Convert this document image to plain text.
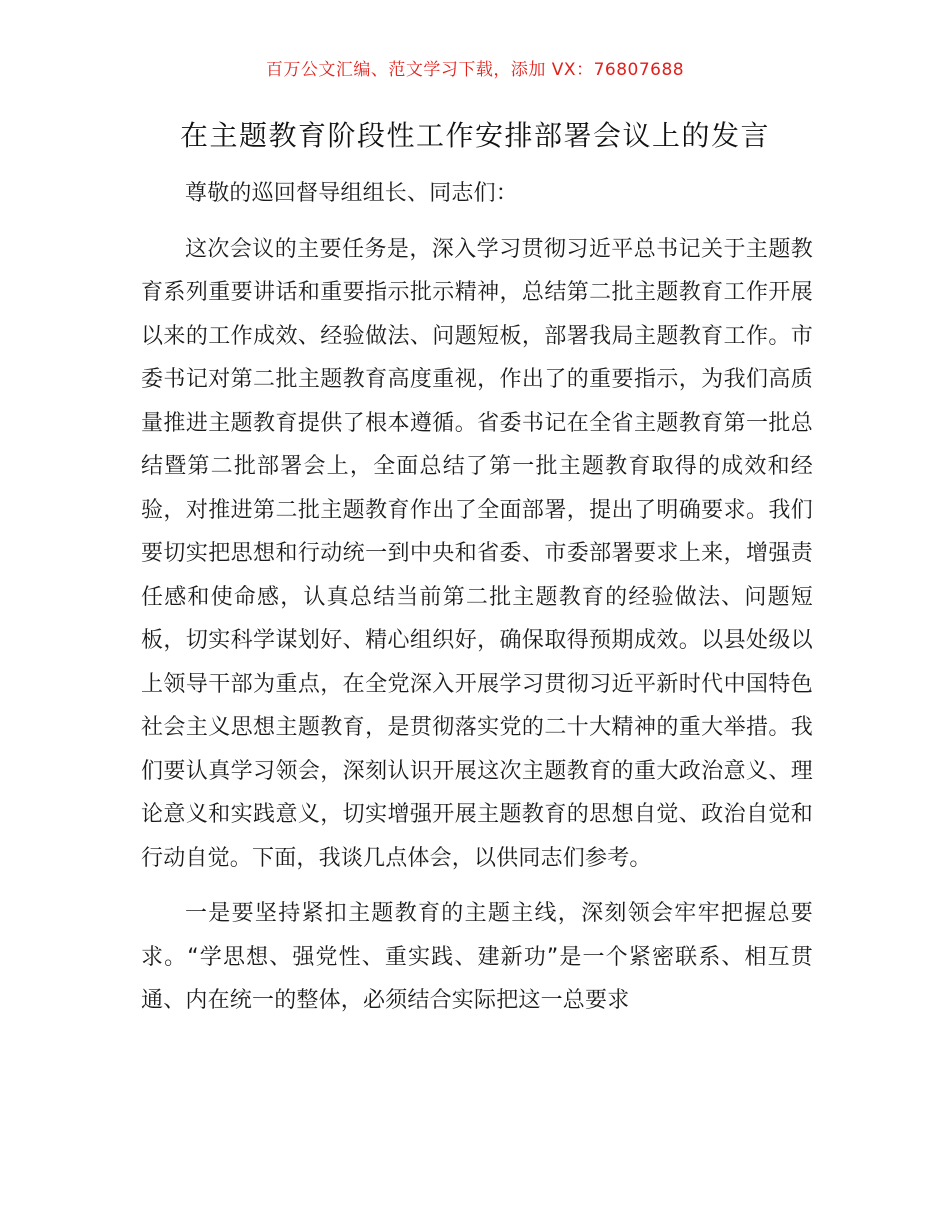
百万公文汇编、范文学习下载，添加 VX：76807688
在主题教育阶段性工作安排部署会议上的发言

尊敬的巡回督导组组长、同志们：

这次会议的主要任务是，深入学习贯彻习近平总书记关于主题教育系列重要讲话和重要指示批示精神，总结第二批主题教育工作开展以来的工作成效、经验做法、问题短板，部署我局主题教育工作。市委书记对第二批主题教育高度重视，作出了的重要指示，为我们高质量推进主题教育提供了根本遵循。省委书记在全省主题教育第一批总结暨第二批部署会上，全面总结了第一批主题教育取得的成效和经验，对推进第二批主题教育作出了全面部署，提出了明确要求。我们要切实把思想和行动统一到中央和省委、市委部署要求上来，增强责任感和使命感，认真总结当前第二批主题教育的经验做法、问题短板，切实科学谋划好、精心组织好，确保取得预期成效。以县处级以上领导干部为重点，在全党深入开展学习贯彻习近平新时代中国特色社会主义思想主题教育，是贯彻落实党的二十大精神的重大举措。我们要认真学习领会，深刻认识开展这次主题教育的重大政治意义、理论意义和实践意义，切实增强开展主题教育的思想自觉、政治自觉和行动自觉。下面，我谈几点体会，以供同志们参考。

一是要坚持紧扣主题教育的主题主线，深刻领会牢牢把握总要求。“学思想、强党性、重实践、建新功”是一个紧密联系、相互贯通、内在统一的整体，必须结合实际把这一总要求
